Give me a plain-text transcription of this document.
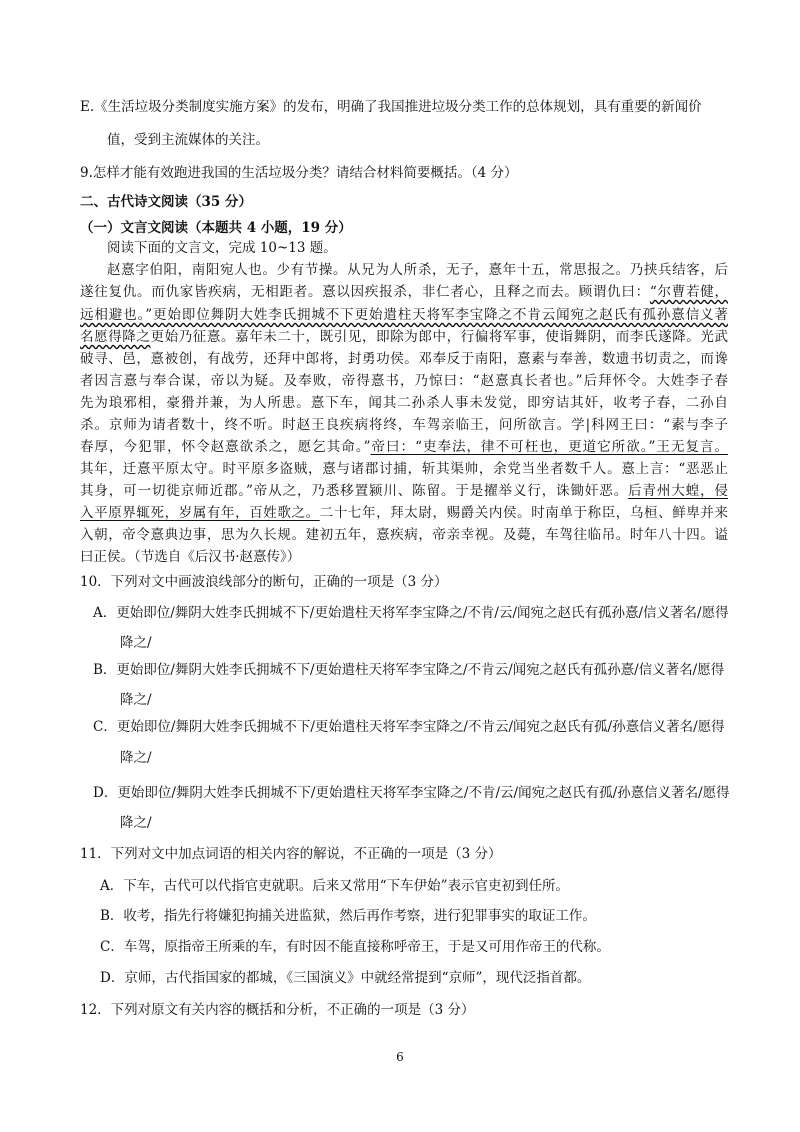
E.《生活垃圾分类制度实施方案》的发布，明确了我国推进垃圾分类工作的总体规划，具有重要的新闻价
值，受到主流媒体的关注。
9.怎样才能有效跑进我国的生活垃圾分类？请结合材料简要概括。（4 分）
二、古代诗文阅读（35 分）
（一）文言文阅读（本题共 4 小题，19 分）
阅读下面的文言文，完成 10~13 题。
赵憙字伯阳，南阳宛人也。少有节操。从兄为人所杀，无子，憙年十五，常思报之。乃挟兵结客，后
遂往复仇。而仇家皆疾病，无相距者。憙以因疾报杀，非仁者心，且释之而去。顾谓仇曰：“尔曹若健，
远相避也。”更始即位舞阴大姓李氏拥城不下更始遣柱天将军李宝降之不肯云闻宛之赵氏有孤孙憙信义著
名愿得降之更始乃征憙。嘉年未二十，既引见，即除为郎中，行偏将军事，使诣舞阴，而李氏遂降。光武
破寻、邑，憙被创，有战劳，还拜中郎将，封勇功侯。邓奉反于南阳，憙素与奉善，数遗书切责之，而谗
者因言憙与奉合谋，帝以为疑。及奉败，帝得憙书，乃惊曰：“赵憙真长者也。”后拜怀令。大姓李子春
先为琅邪相，豪猾并兼，为人所患。憙下车，闻其二孙杀人事未发觉，即穷诘其奸，收考子春，二孙自
杀。京师为请者数十，终不听。时赵王良疾病将终，车驾亲临王，问所欲言。学|科网王曰：“素与李子
春厚，今犯罪，怀令赵憙欲杀之，愿乞其命。”帝曰：“吏奉法，律不可枉也，更道它所欲。”王无复言。
其年，迁憙平原太守。时平原多盗贼，憙与诸郡讨捕，斩其渠帅，余党当坐者数千人。憙上言：“恶恶止
其身，可一切徙京师近郡。”帝从之，乃悉移置颍川、陈留。于是擢举义行，诛锄奸恶。后青州大蝗，侵
入平原界辄死，岁属有年，百姓歌之。二十七年，拜太尉，赐爵关内侯。时南单于称臣，乌桓、鲜卑并来
入朝，帝令憙典边事，思为久长规。建初五年，憙疾病，帝亲幸视。及薨，车驾往临吊。时年八十四。谥
曰正侯。（节选自《后汉书·赵憙传》）
10．下列对文中画波浪线部分的断句，正确的一项是（3 分）
A．更始即位/舞阴大姓李氏拥城不下/更始遣柱天将军李宝降之/不肯/云/闻宛之赵氏有孤孙憙/信义著名/愿得
降之/
B．更始即位/舞阴大姓李氏拥城不下/更始遣柱天将军李宝降之/不肯云/闻宛之赵氏有孤孙憙/信义著名/愿得
降之/
C．更始即位/舞阴大姓李氏拥城不下/更始遣柱天将军李宝降之/不肯云/闻宛之赵氏有孤/孙憙信义著名/愿得
降之/
D．更始即位/舞阴大姓李氏拥城不下/更始遣柱天将军李宝降之/不肯/云/闻宛之赵氏有孤/孙憙信义著名/愿得
降之/
11．下列对文中加点词语的相关内容的解说，不正确的一项是（3 分）
A．下车，古代可以代指官吏就职。后来又常用“下车伊始”表示官吏初到任所。
B．收考，指先行将嫌犯拘捕关进监狱，然后再作考察，进行犯罪事实的取证工作。
C．车驾，原指帝王所乘的车，有时因不能直接称呼帝王，于是又可用作帝王的代称。
D．京师，古代指国家的都城，《三国演义》中就经常提到“京师”，现代泛指首都。
12．下列对原文有关内容的概括和分析，不正确的一项是（3 分）
6
